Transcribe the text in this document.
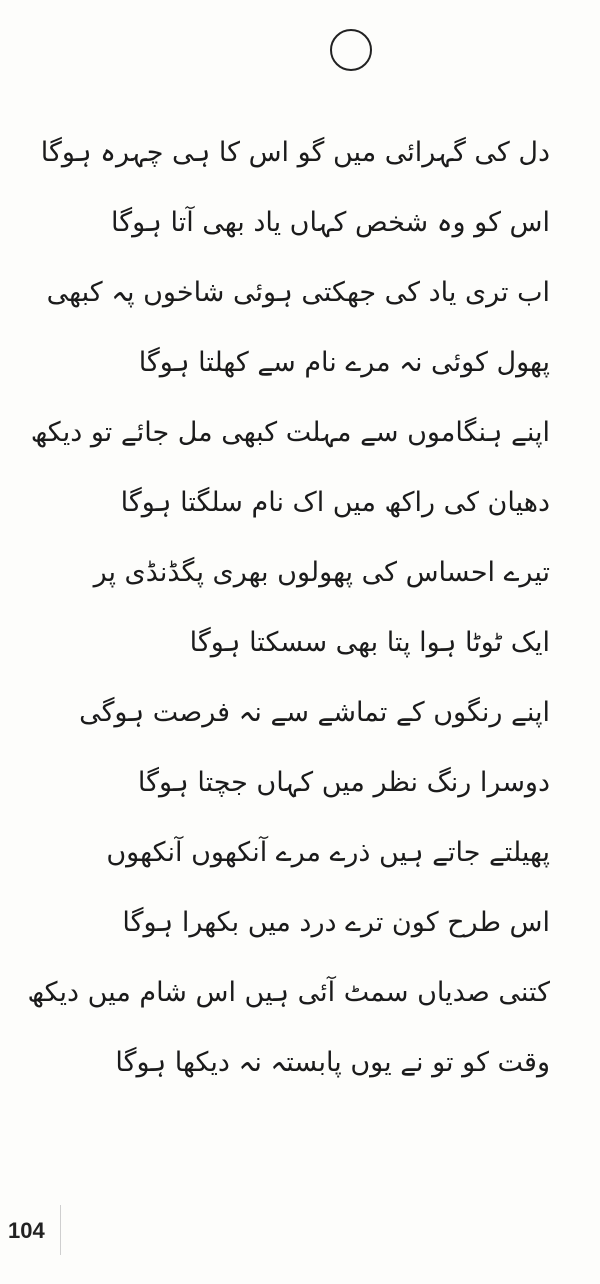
دل کی گہرائی میں گو اس کا ہی چہرہ ہوگا
اس کو وہ شخص کہاں یاد بھی آتا ہوگا
اب تری یاد کی جھکتی ہوئی شاخوں پہ کبھی
پھول کوئی نہ مرے نام سے کھلتا ہوگا
اپنے ہنگاموں سے مہلت کبھی مل جائے تو دیکھ
دھیان کی راکھ میں اک نام سلگتا ہوگا
تیرے احساس کی پھولوں بھری پگڈنڈی پر
ایک ٹوٹا ہوا پتا بھی سسکتا ہوگا
اپنے رنگوں کے تماشے سے نہ فرصت ہوگی
دوسرا رنگ نظر میں کہاں جچتا ہوگا
پھیلتے جاتے ہیں ذرے مرے آنکھوں آنکھوں
اس طرح کون ترے درد میں بکھرا ہوگا
کتنی صدیاں سمٹ آئی ہیں اس شام میں دیکھ
وقت کو تو نے یوں پابستہ نہ دیکھا ہوگا
104
